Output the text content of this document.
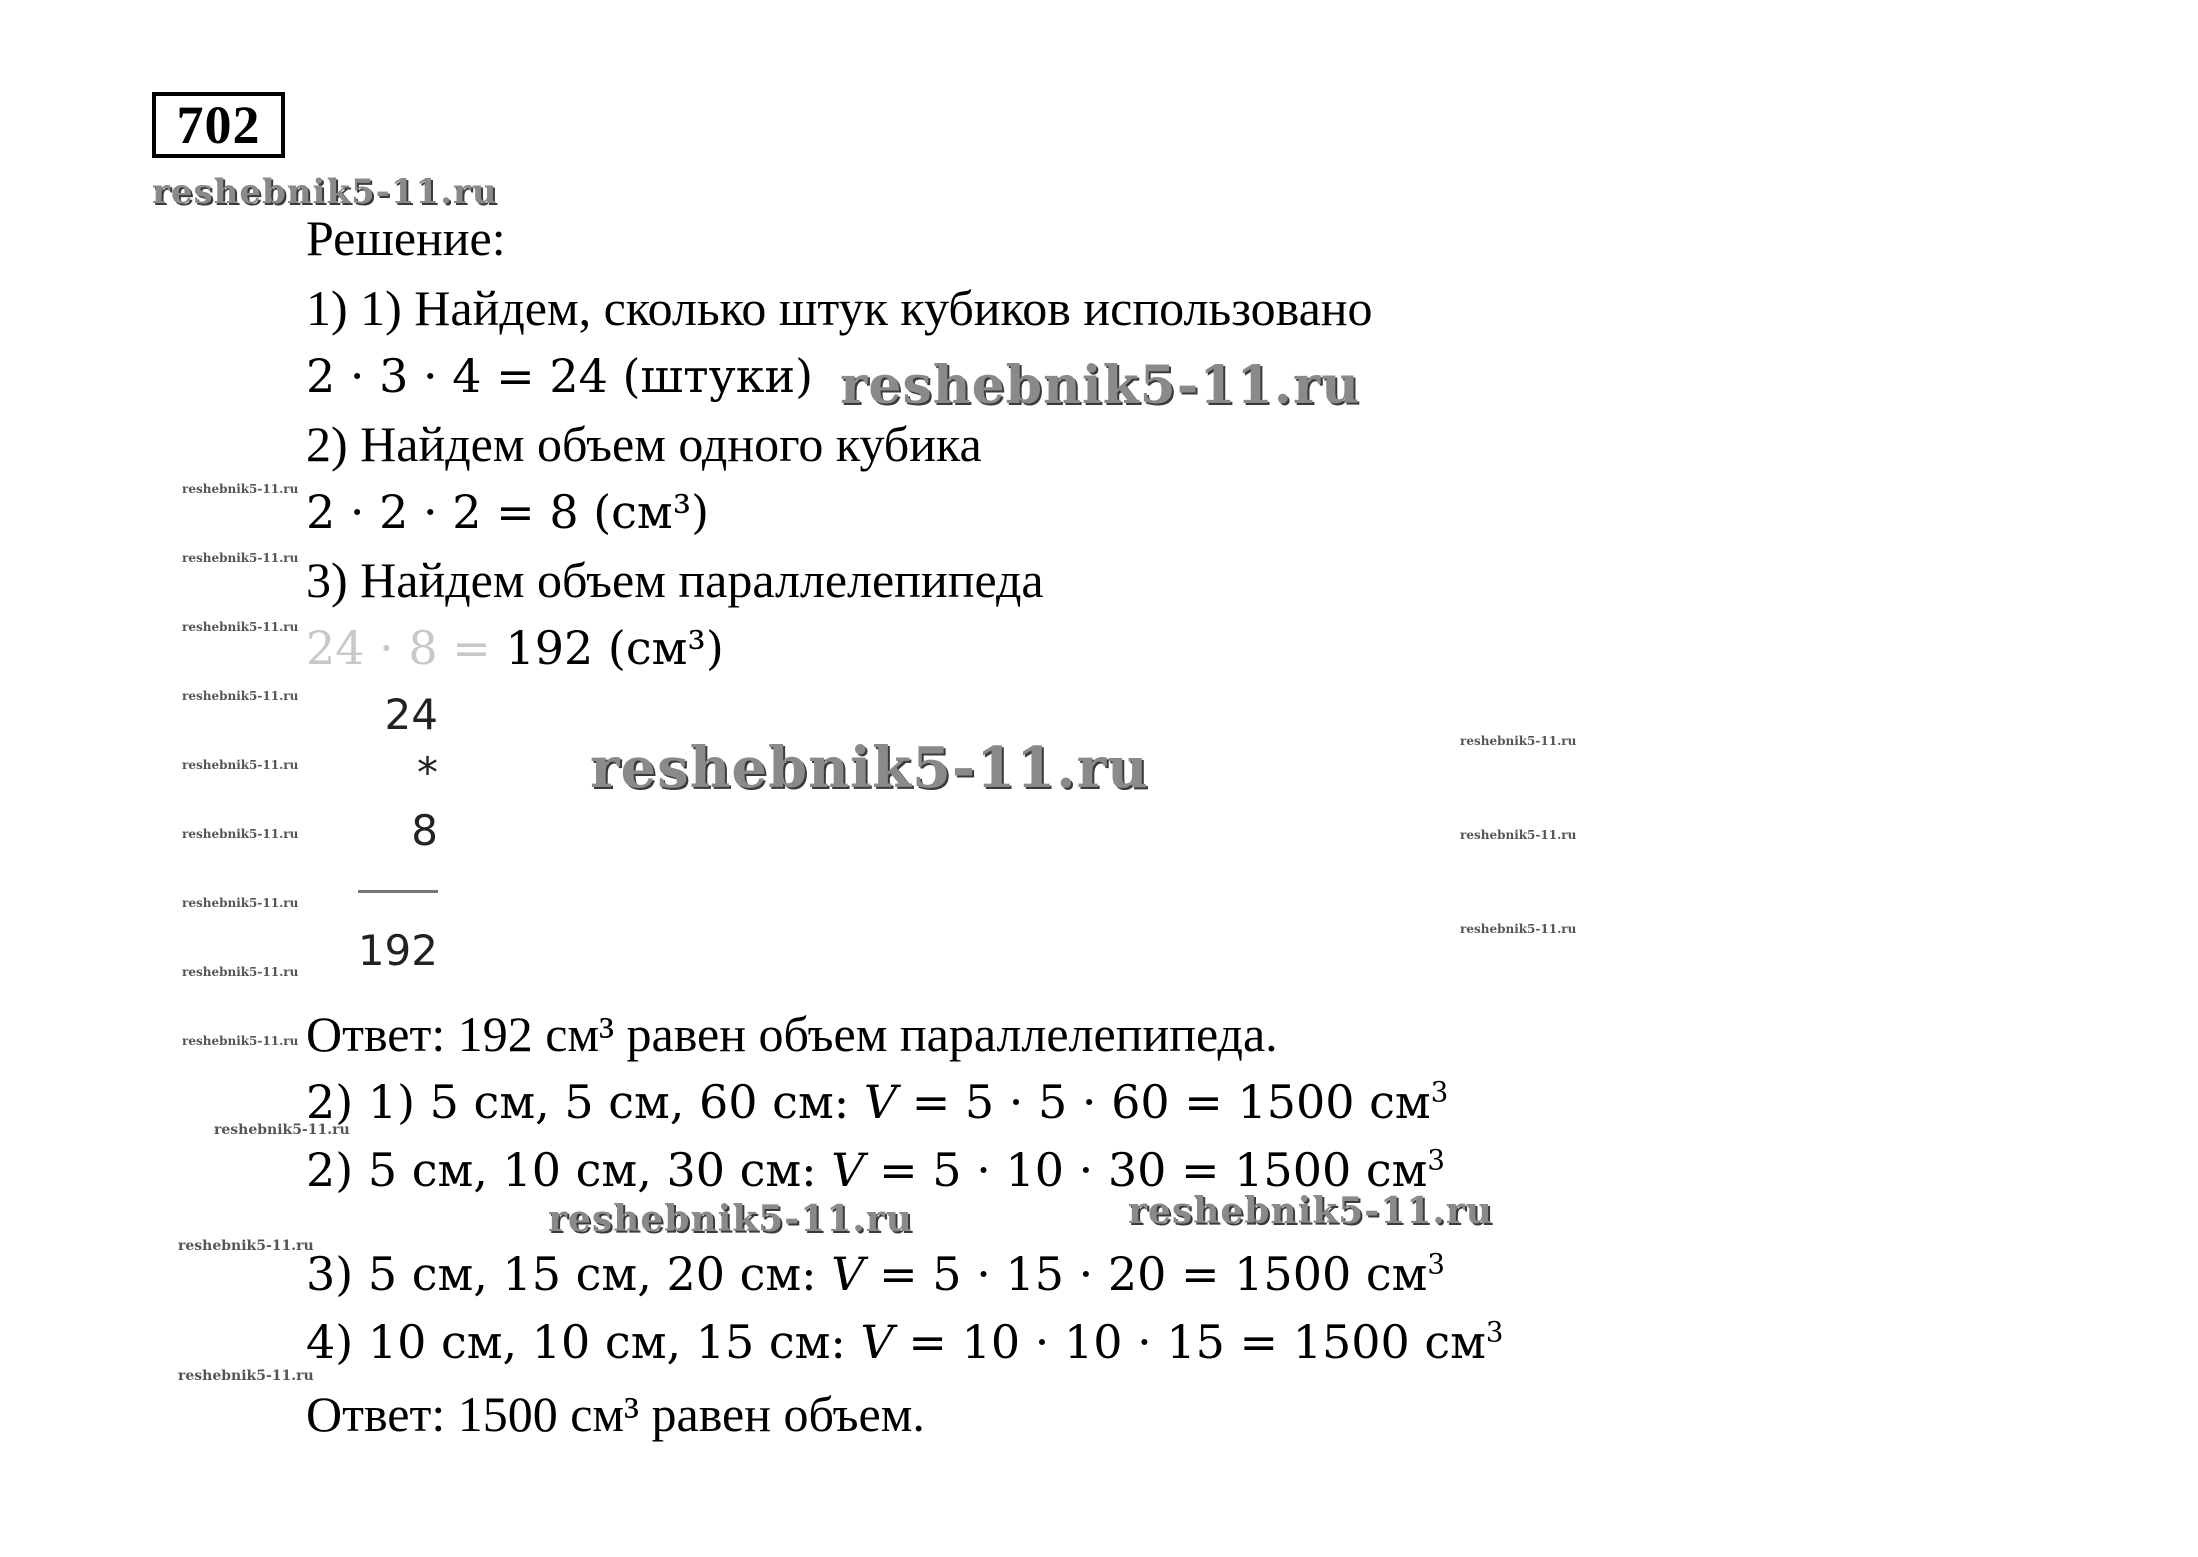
702
reshebnik5-11.ru
Решение:
1) 1) Найдем, сколько штук кубиков использовано
2 · 3 · 4 = 24 (штуки) reshebnik5-11.ru
2) Найдем объем одного кубика
2 · 2 · 2 = 8 (см³)
3) Найдем объем параллелепипеда
24 · 8 = 192 (см³)
24
*
8
192
reshebnik5-11.ru
Ответ: 192 см³ равен объем параллелепипеда.
2) 1) 5 см, 5 см, 60 см: V = 5 · 5 · 60 = 1500 $см^3$
2) 5 см, 10 см, 30 см: V = 5 · 10 · 30 = 1500 $см^3$
reshebnik5-11.ru	reshebnik5-11.ru
3) 5 см, 15 см, 20 см: V = 5 · 15 · 20 = 1500 $см^3$
4) 10 см, 10 см, 15 см: V = 10 · 10 · 15 = 1500 $см^3$
Ответ: 1500 см³ равен объем.
reshebnik5-11.ru
reshebnik5-11.ru
reshebnik5-11.ru
reshebnik5-11.ru
reshebnik5-11.ru
reshebnik5-11.ru
reshebnik5-11.ru
reshebnik5-11.ru
reshebnik5-11.ru
reshebnik5-11.ru
reshebnik5-11.ru
reshebnik5-11.ru
reshebnik5-11.ru
reshebnik5-11.ru
reshebnik5-11.ru
